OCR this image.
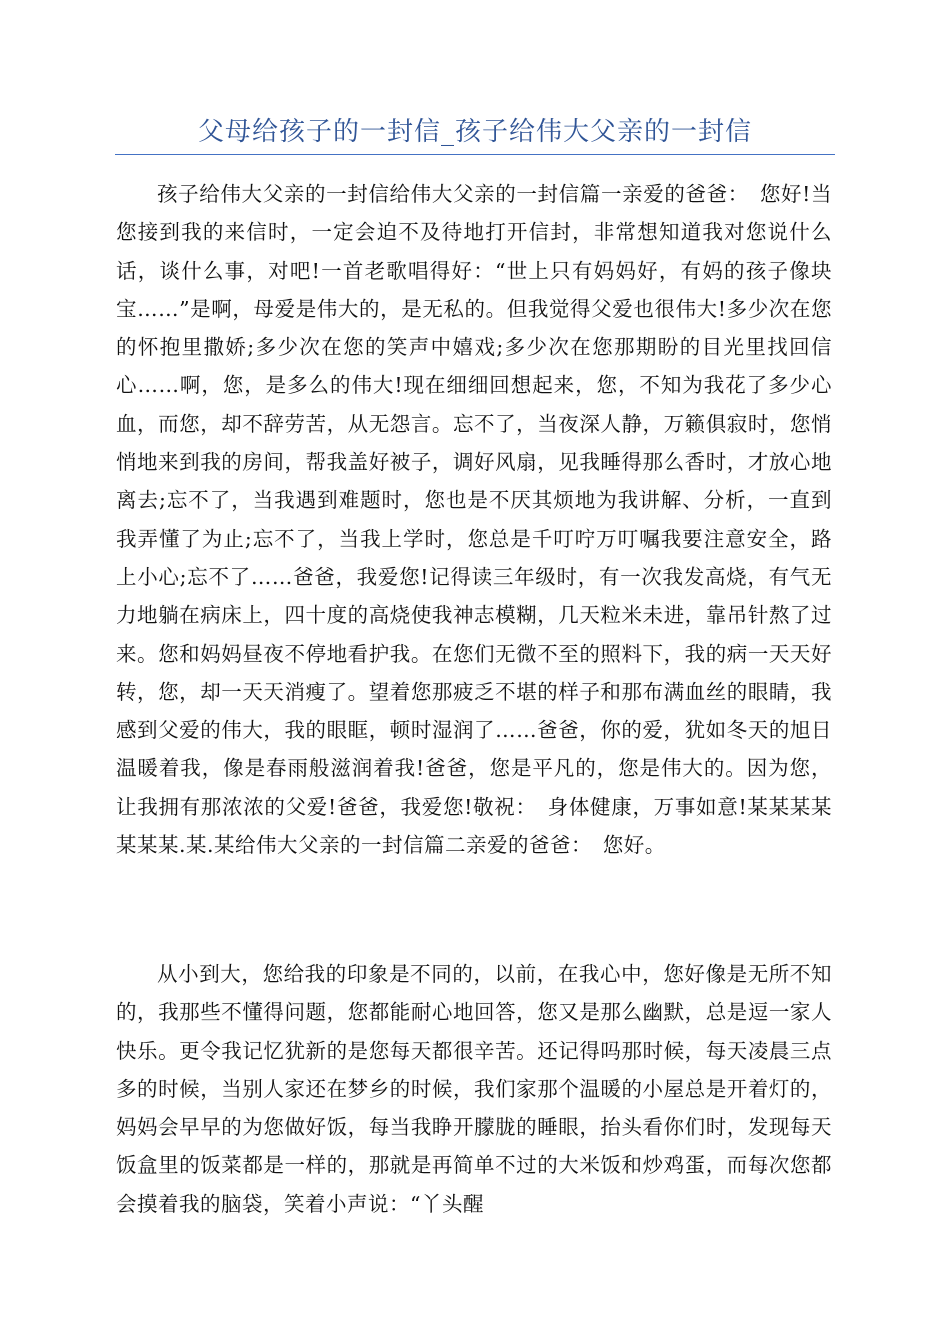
父母给孩子的一封信_孩子给伟大父亲的一封信

孩子给伟大父亲的一封信给伟大父亲的一封信篇一亲爱的爸爸：　您好!当您接到我的来信时，一定会迫不及待地打开信封，非常想知道我对您说什么话，谈什么事，对吧!一首老歌唱得好：“世上只有妈妈好，有妈的孩子像块宝……”是啊，母爱是伟大的，是无私的。但我觉得父爱也很伟大!多少次在您的怀抱里撒娇;多少次在您的笑声中嬉戏;多少次在您那期盼的目光里找回信心……啊，您，是多么的伟大!现在细细回想起来，您，不知为我花了多少心血，而您，却不辞劳苦，从无怨言。忘不了，当夜深人静，万籁俱寂时，您悄悄地来到我的房间，帮我盖好被子，调好风扇，见我睡得那么香时，才放心地离去;忘不了，当我遇到难题时，您也是不厌其烦地为我讲解、分析，一直到我弄懂了为止;忘不了，当我上学时，您总是千叮咛万叮嘱我要注意安全，路上小心;忘不了……爸爸，我爱您!记得读三年级时，有一次我发高烧，有气无力地躺在病床上，四十度的高烧使我神志模糊，几天粒米未进，靠吊针熬了过来。您和妈妈昼夜不停地看护我。在您们无微不至的照料下，我的病一天天好转，您，却一天天消瘦了。望着您那疲乏不堪的样子和那布满血丝的眼睛，我感到父爱的伟大，我的眼眶，顿时湿润了……爸爸，你的爱，犹如冬天的旭日温暖着我，像是春雨般滋润着我!爸爸，您是平凡的，您是伟大的。因为您，让我拥有那浓浓的父爱!爸爸，我爱您!敬祝：　身体健康，万事如意!某某某某某某某.某.某给伟大父亲的一封信篇二亲爱的爸爸：　您好。

从小到大，您给我的印象是不同的，以前，在我心中，您好像是无所不知的，我那些不懂得问题，您都能耐心地回答，您又是那么幽默，总是逗一家人快乐。更令我记忆犹新的是您每天都很辛苦。还记得吗那时候，每天凌晨三点多的时候，当别人家还在梦乡的时候，我们家那个温暖的小屋总是开着灯的，妈妈会早早的为您做好饭，每当我睁开朦胧的睡眼，抬头看你们时，发现每天饭盒里的饭菜都是一样的，那就是再简单不过的大米饭和炒鸡蛋，而每次您都会摸着我的脑袋，笑着小声说：“丫头醒
